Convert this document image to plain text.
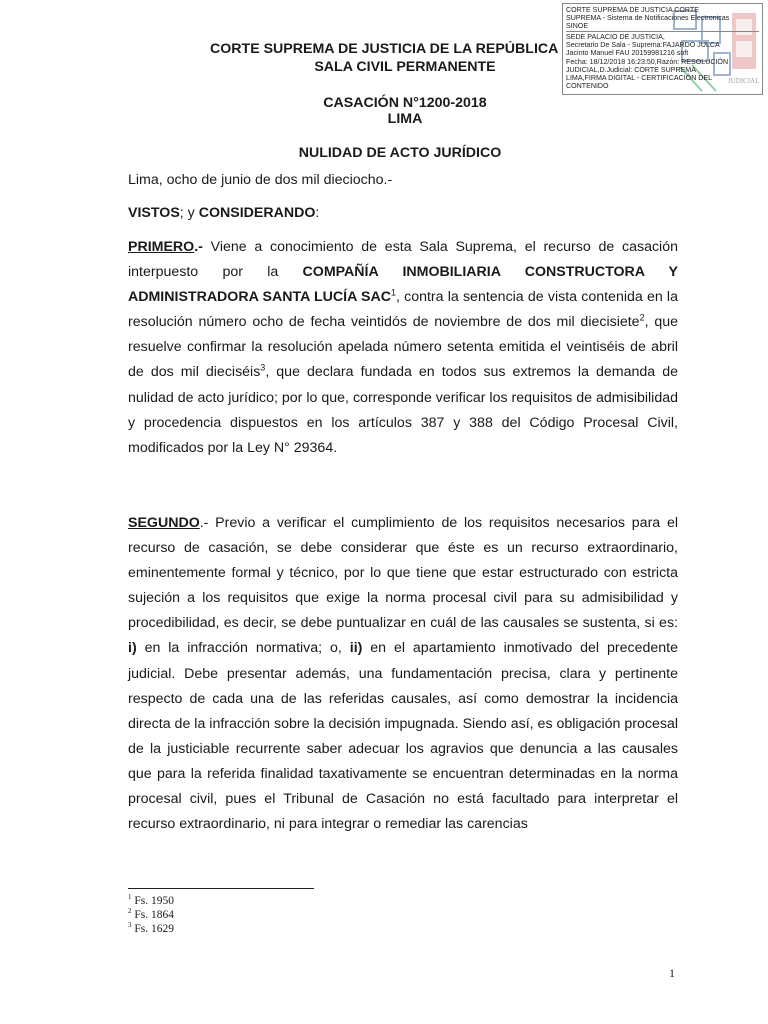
JUDICIAL
CORTE SUPREMA DE JUSTICIA CORTE
SUPREMA - Sistema de Notificaciones Electronicas
SINOE
SEDE PALACIO DE JUSTICIA,
Secretario De Sala - Suprema:FAJARDO JULCA
Jacinto Manuel FAU 20159981216 soft
Fecha: 18/12/2018 16:23:50,Razón: RESOLUCIÓN
JUDICIAL,D.Judicial: CORTE SUPREMA
LIMA,FIRMA DIGITAL - CERTIFICACIÓN DEL
CONTENIDO
CORTE SUPREMA DE JUSTICIA DE LA REPÚBLICA
SALA CIVIL PERMANENTE
CASACIÓN N°1200-2018
LIMA
NULIDAD DE ACTO JURÍDICO
Lima, ocho de junio de dos mil dieciocho.-
VISTOS; y CONSIDERANDO:

PRIMERO.- Viene a conocimiento de esta Sala Suprema, el recurso de casación interpuesto por la COMPAÑÍA INMOBILIARIA CONSTRUCTORA Y ADMINISTRADORA SANTA LUCÍA SAC$^1$, contra la sentencia de vista contenida en la resolución número ocho de fecha veintidós de noviembre de dos mil diecisiete$^2$, que resuelve confirmar la resolución apelada número setenta emitida el veintiséis de abril de dos mil dieciséis$^3$, que declara fundada en todos sus extremos la demanda de nulidad de acto jurídico; por lo que, corresponde verificar los requisitos de admisibilidad y procedencia dispuestos en los artículos 387 y 388 del Código Procesal Civil, modificados por la Ley N° 29364.

SEGUNDO.- Previo a verificar el cumplimiento de los requisitos necesarios para el recurso de casación, se debe considerar que éste es un recurso extraordinario, eminentemente formal y técnico, por lo que tiene que estar estructurado con estricta sujeción a los requisitos que exige la norma procesal civil para su admisibilidad y procedibilidad, es decir, se debe puntualizar en cuál de las causales se sustenta, si es: i) en la infracción normativa; o, ii) en el apartamiento inmotivado del precedente judicial. Debe presentar además, una fundamentación precisa, clara y pertinente respecto de cada una de las referidas causales, así como demostrar la incidencia directa de la infracción sobre la decisión impugnada. Siendo así, es obligación procesal de la justiciable recurrente saber adecuar los agravios que denuncia a las causales que para la referida finalidad taxativamente se encuentran determinadas en la norma procesal civil, pues el Tribunal de Casación no está facultado para interpretar el recurso extraordinario, ni para integrar o remediar las carencias

$^1$ Fs. 1950
$^2$ Fs. 1864
$^3$ Fs. 1629
1
